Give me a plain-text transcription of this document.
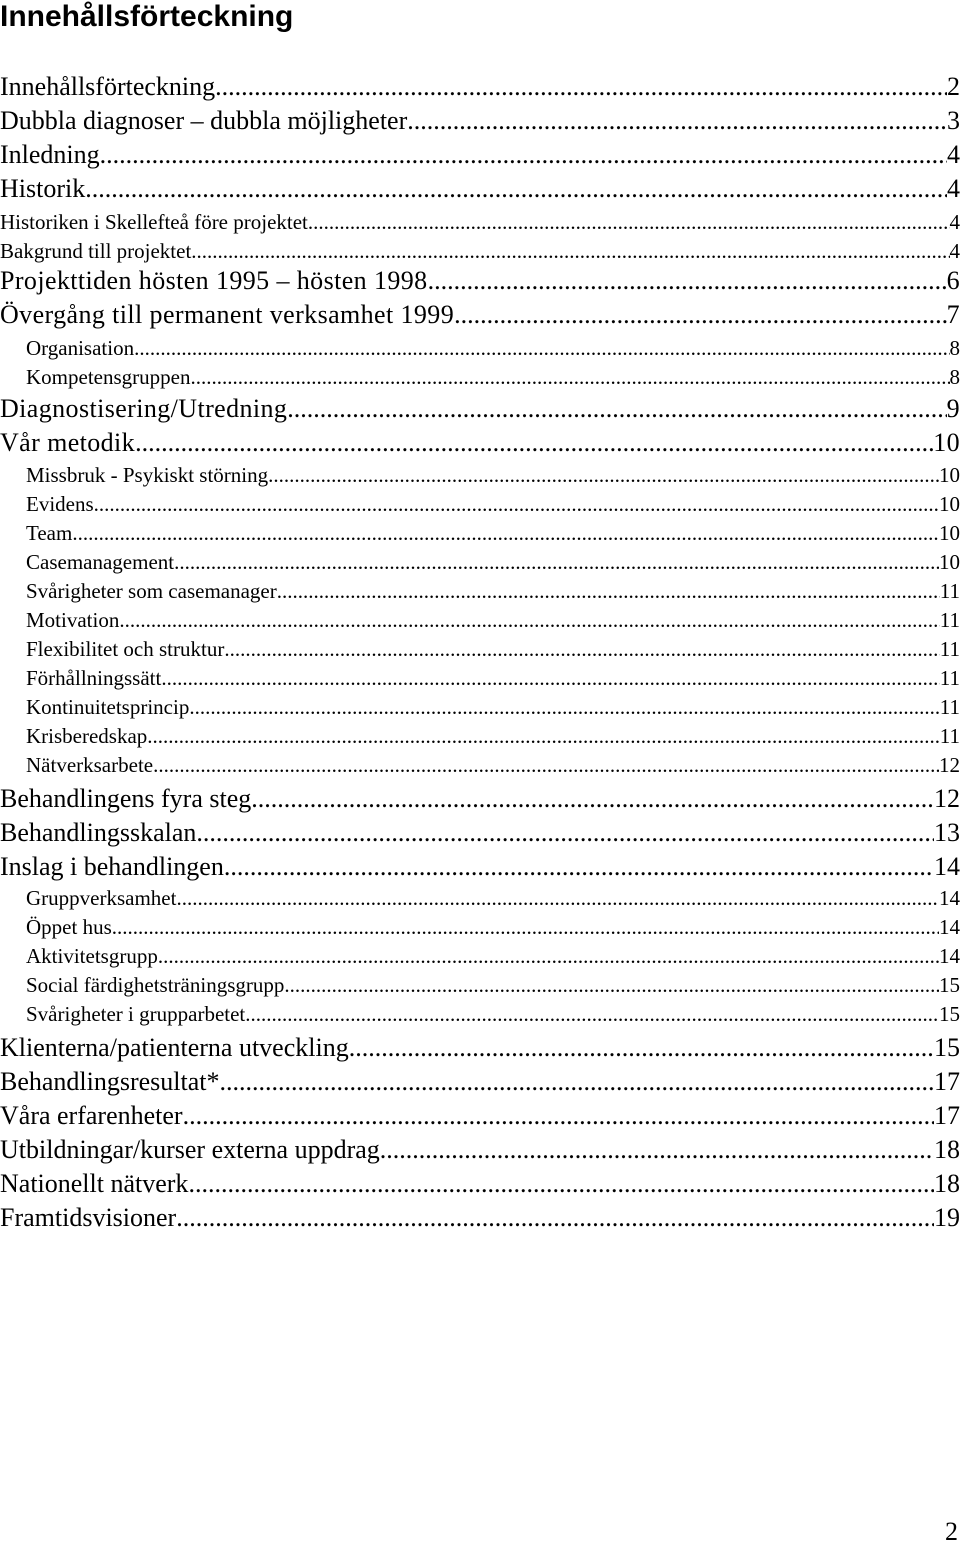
Innehållsförteckning
Innehållsförteckning .....	2
Dubbla diagnoser – dubbla möjligheter .....	3
Inledning .....	4
Historik .....	4
Historiken i Skellefteå före projektet .....	4
Bakgrund till projektet .....	4
Projekttiden hösten 1995 – hösten 1998 .....	6
Övergång till permanent verksamhet 1999 .....	7
Organisation .....	8
Kompetensgruppen .....	8
Diagnostisering/Utredning .....	9
Vår metodik .....	10
Missbruk - Psykiskt störning .....	10
Evidens .....	10
Team .....	10
Casemanagement .....	10
Svårigheter som casemanager .....	11
Motivation .....	11
Flexibilitet och struktur .....	11
Förhållningssätt .....	11
Kontinuitetsprincip .....	11
Krisberedskap .....	11
Nätverksarbete .....	12
Behandlingens fyra steg .....	12
Behandlingsskalan .....	13
Inslag i behandlingen .....	14
Gruppverksamhet .....	14
Öppet hus .....	14
Aktivitetsgrupp .....	14
Social färdighetsträningsgrupp .....	15
Svårigheter i grupparbetet .....	15
Klienterna/patienterna utveckling .....	15
Behandlingsresultat* .....	17
Våra erfarenheter .....	17
Utbildningar/kurser externa uppdrag .....	18
Nationellt nätverk .....	18
Framtidsvisioner .....	19
2
